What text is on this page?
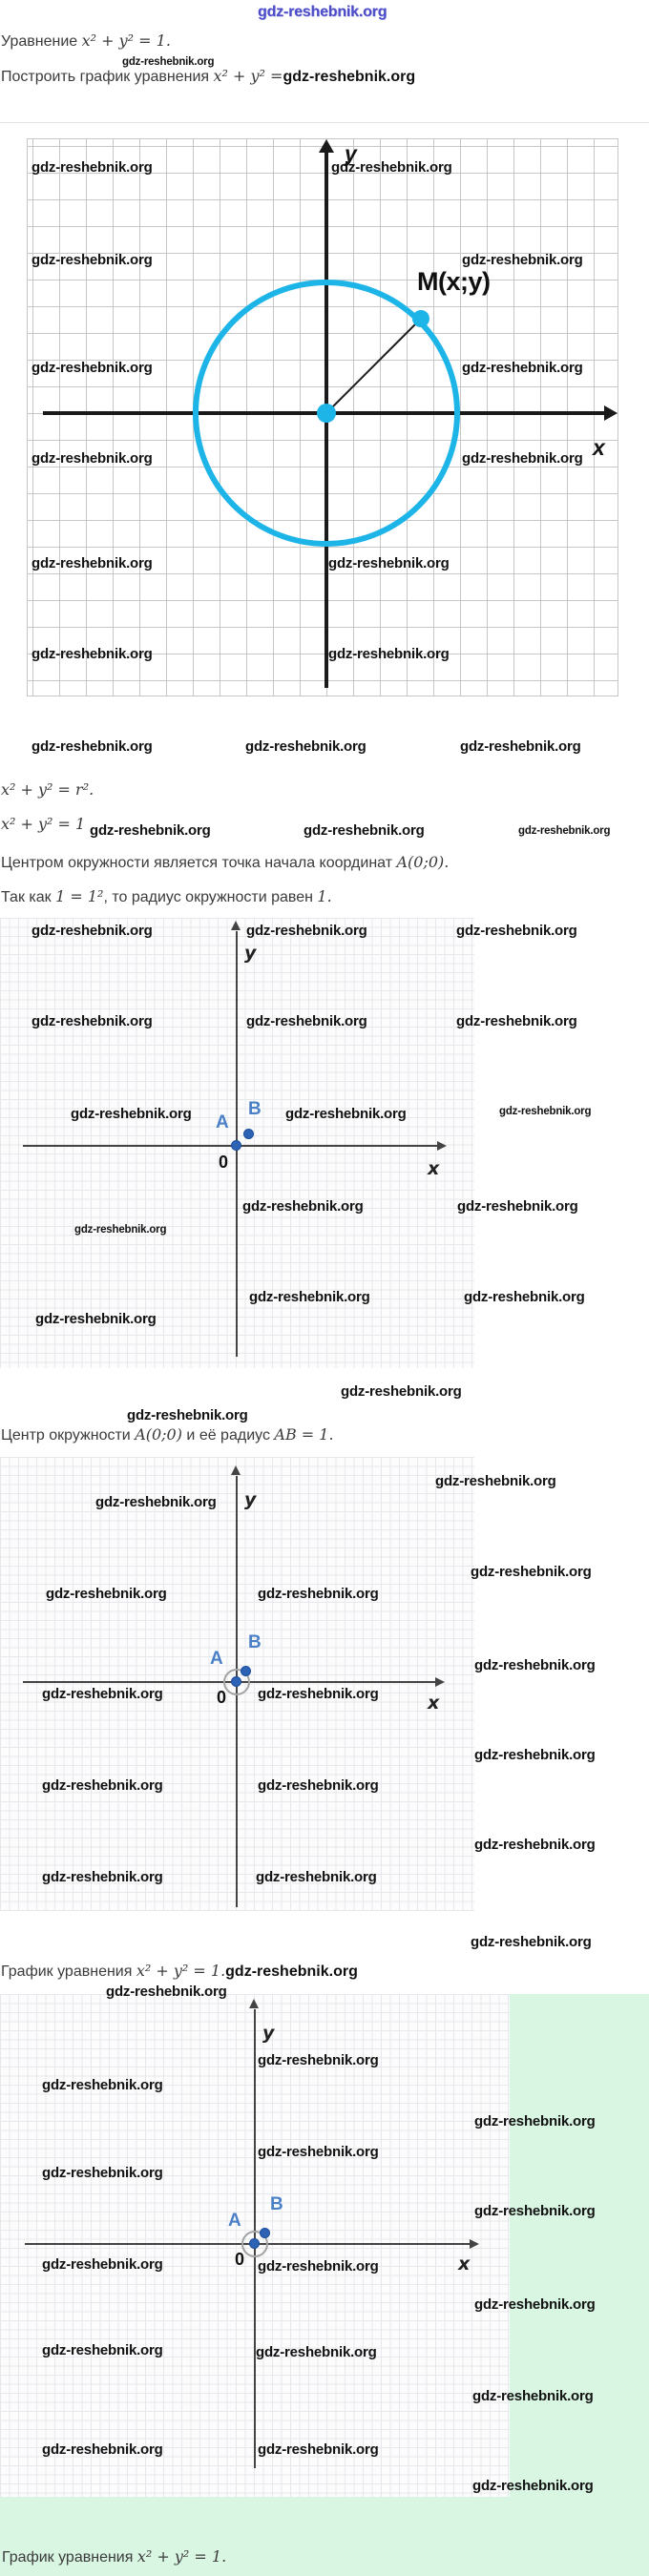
Уравнение x² + y² = 1.
Построить график уравнения x² + y² =gdz-reshebnik.org
y
x
M(x;y)
x² + y² = r².
x² + y² = 1
Центром окружности является точка начала координат A(0;0).
Так как 1 = 1², то радиус окружности равен 1.
y
x
0
A
B
Центр окружности A(0;0) и её радиус AB = 1.
y
x
0
A
B
График уравнения x² + y² = 1.gdz-reshebnik.org
y
x
0
A
B
График уравнения x² + y² = 1.
gdz-reshebnik.org
gdz-reshebnik.org
gdz-reshebnik.org	gdz-reshebnik.org
gdz-reshebnik.org	gdz-reshebnik.org
gdz-reshebnik.org	gdz-reshebnik.org
gdz-reshebnik.org	gdz-reshebnik.org
gdz-reshebnik.org	gdz-reshebnik.org
gdz-reshebnik.org	gdz-reshebnik.org
gdz-reshebnik.org	gdz-reshebnik.org	gdz-reshebnik.org
gdz-reshebnik.org	gdz-reshebnik.org	gdz-reshebnik.org
gdz-reshebnik.org	gdz-reshebnik.org	gdz-reshebnik.org
gdz-reshebnik.org	gdz-reshebnik.org	gdz-reshebnik.org
gdz-reshebnik.org	gdz-reshebnik.org	gdz-reshebnik.org
gdz-reshebnik.org	gdz-reshebnik.org
gdz-reshebnik.org
gdz-reshebnik.org	gdz-reshebnik.org
gdz-reshebnik.org
gdz-reshebnik.org
gdz-reshebnik.org
gdz-reshebnik.org
gdz-reshebnik.org
gdz-reshebnik.org
gdz-reshebnik.org	gdz-reshebnik.org
gdz-reshebnik.org
gdz-reshebnik.org	gdz-reshebnik.org
gdz-reshebnik.org
gdz-reshebnik.org	gdz-reshebnik.org
gdz-reshebnik.org
gdz-reshebnik.org	gdz-reshebnik.org
gdz-reshebnik.org
gdz-reshebnik.org
gdz-reshebnik.org
gdz-reshebnik.org
gdz-reshebnik.org
gdz-reshebnik.org
gdz-reshebnik.org
gdz-reshebnik.org
gdz-reshebnik.org	gdz-reshebnik.org
gdz-reshebnik.org
gdz-reshebnik.org	gdz-reshebnik.org
gdz-reshebnik.org
gdz-reshebnik.org	gdz-reshebnik.org
gdz-reshebnik.org
